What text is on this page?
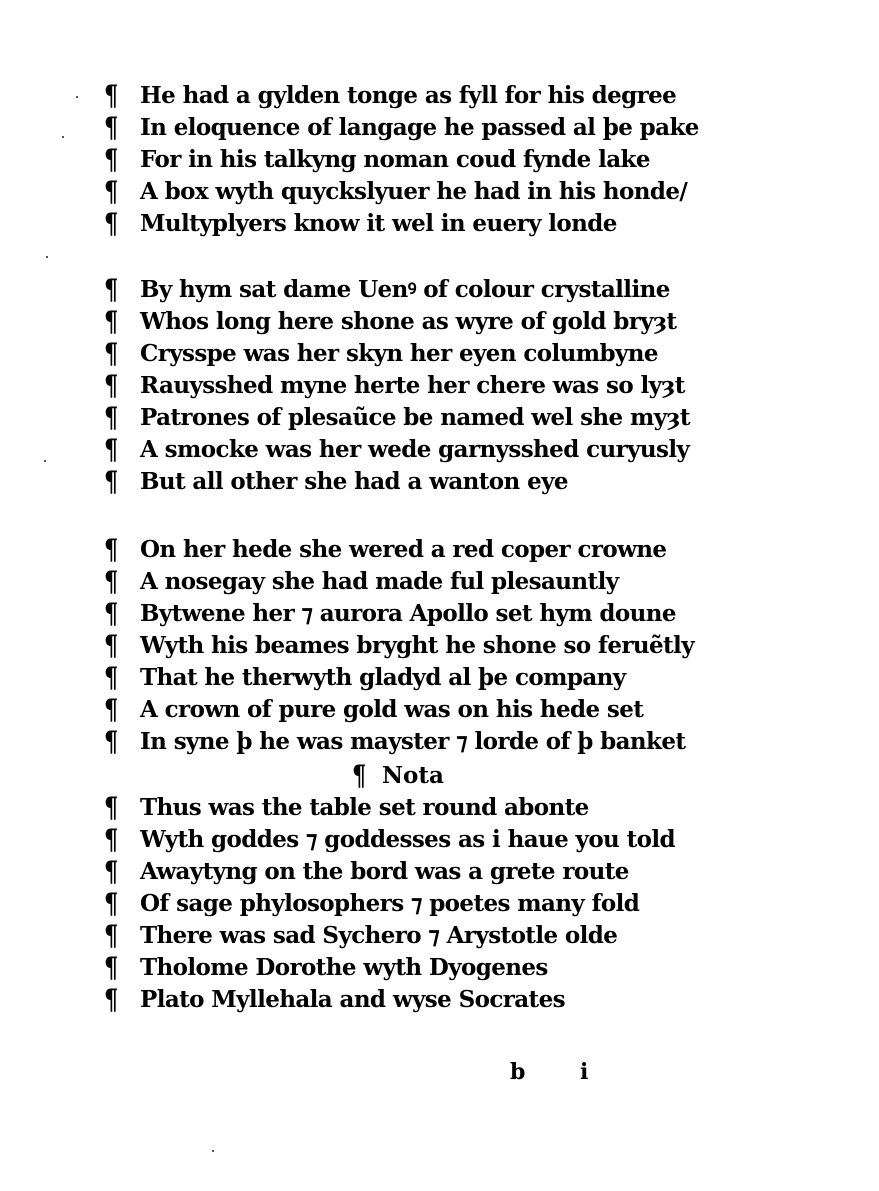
¶ He had a gylden tonge as fyll for his degree
¶ In eloquence of langage he passed al þe pake
¶ For in his talkyng noman coud fynde lake
¶ A box wyth quyckslyuer he had in his honde/
¶ Multyplyers know it wel in euery londe
¶ By hym sat dame Uenꝰ of colour crystalline
¶ Whos long here shone as wyre of gold bryȝt
¶ Crysspe was her skyn her eyen columbyne
¶ Rauysshed myne herte her chere was so lyȝt
¶ Patrones of plesaũce be named wel she myȝt
¶ A smocke was her wede garnysshed curyusly
¶ But all other she had a wanton eye
¶ On her hede she wered a red coper crowne
¶ A nosegay she had made ful plesauntly
¶ Bytwene her ⁊ aurora Apollo set hym doune
¶ Wyth his beames bryght he shone so feruẽtly
¶ That he therwyth gladyd al þe company
¶ A crown of pure gold was on his hede set
¶ In syne þ he was mayster ⁊ lorde of þ banket
¶ Nota
¶ Thus was the table set round abonte
¶ Wyth goddes ⁊ goddesses as i haue you told
¶ Awaytyng on the bord was a grete route
¶ Of sage phylosophers ⁊ poetes many fold
¶ There was sad Sychero ⁊ Arystotle olde
¶ Tholome Dorothe wyth Dyogenes
¶ Plato Myllehala and wyse Socrates
b i
